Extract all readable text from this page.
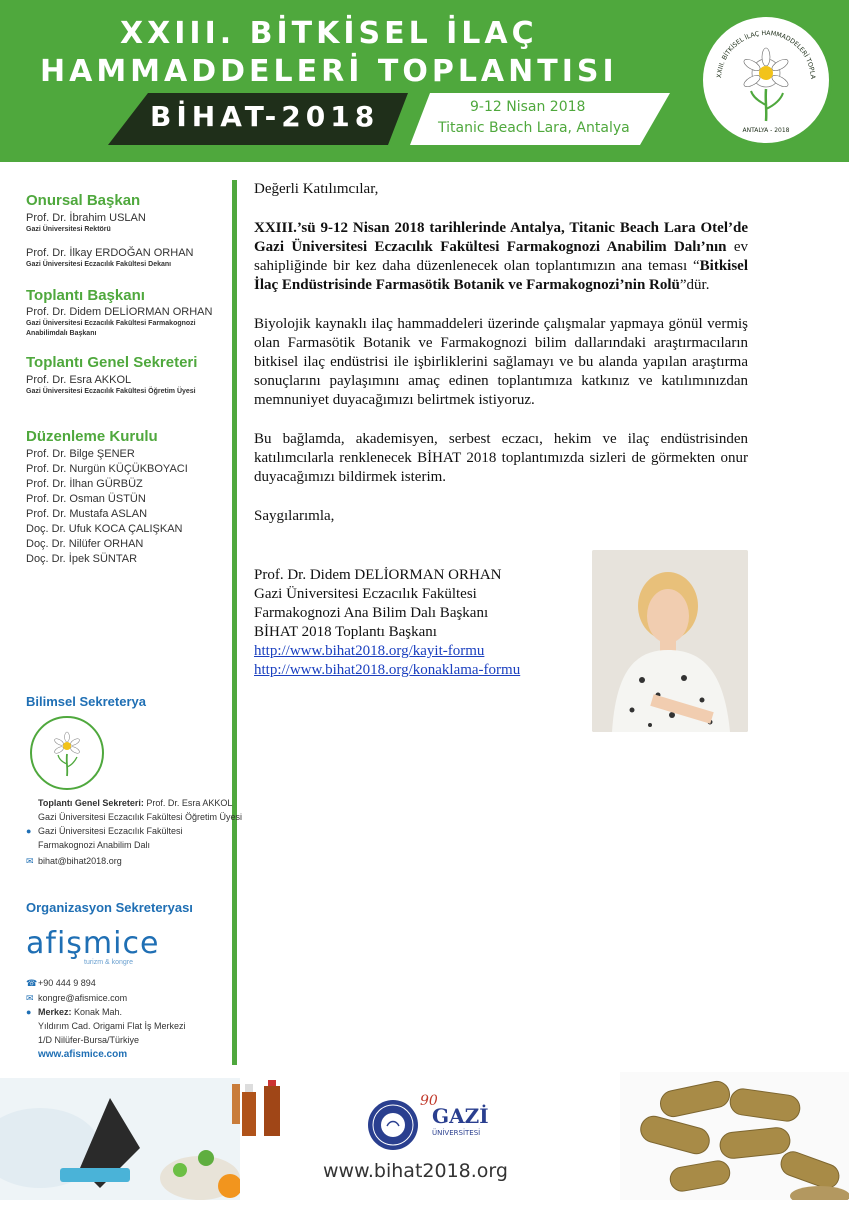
XXIII. BİTKİSEL İLAÇ
HAMMADDELERİ TOPLANTISI
BİHAT-2018	9-12 Nisan 2018
Titanic Beach Lara, Antalya
XXIII. BİTKİSEL İLAÇ HAMMADDELERİ TOPLA
ANTALYA - 2018
Onursal Başkan
Prof. Dr. İbrahim USLAN
Gazi Üniversitesi Rektörü
Prof. Dr. İlkay ERDOĞAN ORHAN
Gazi Üniversitesi Eczacılık Fakültesi Dekanı
Toplantı Başkanı
Prof. Dr. Didem DELİORMAN ORHAN
Gazi Üniversitesi Eczacılık Fakültesi Farmakognozi
Anabilimdalı Başkanı
Toplantı Genel Sekreteri
Prof. Dr. Esra AKKOL
Gazi Üniversitesi Eczacılık Fakültesi Öğretim Üyesi
Düzenleme Kurulu
Prof. Dr. Bilge ŞENER
Prof. Dr. Nurgün KÜÇÜKBOYACI
Prof. Dr. İlhan GÜRBÜZ
Prof. Dr. Osman ÜSTÜN
Prof. Dr. Mustafa ASLAN
Doç. Dr. Ufuk KOCA ÇALIŞKAN
Doç. Dr. Nilüfer ORHAN
Doç. Dr. İpek SÜNTAR
Bilimsel Sekreterya
Toplantı Genel Sekreteri: Prof. Dr. Esra AKKOL
Gazi Üniversitesi Eczacılık Fakültesi Öğretim Üyesi
● Gazi Üniversitesi Eczacılık Fakültesi
Farmakognozi Anabilim Dalı
✉ bihat@bihat2018.org
Organizasyon Sekreteryası
afişmice
turizm & kongre
☎ +90 444 9 894
✉ kongre@afismice.com
● Merkez: Konak Mah.
Yıldırım Cad. Origami Flat İş Merkezi
1/D Nilüfer-Bursa/Türkiye
www.afismice.com

Değerli Katılımcılar,

XXIII.’sü 9-12 Nisan 2018 tarihlerinde Antalya, Titanic Beach Lara Otel’de Gazi Üniversitesi Eczacılık Fakültesi Farmakognozi Anabilim Dalı’nın ev sahipliğinde bir kez daha düzenlenecek olan toplantımızın ana teması “Bitkisel İlaç Endüstrisinde Farmasötik Botanik ve Farmakognozi’nin Rolü”dür.

Biyolojik kaynaklı ilaç hammaddeleri üzerinde çalışmalar yapmaya gönül vermiş olan Farmasötik Botanik ve Farmakognozi bilim dallarındaki araştırmacıların bitkisel ilaç endüstrisi ile işbirliklerini sağlamayı ve bu alanda yapılan araştırma sonuçlarını paylaşımını amaç edinen toplantımıza katkınız ve katılımınızdan memnuniyet duyacağımızı belirtmek istiyoruz.

Bu bağlamda, akademisyen, serbest eczacı, hekim ve ilaç endüstrisinden katılımcılarla renklenecek BİHAT 2018 toplantımızda sizleri de görmekten onur duyacağımızı bildirmek isterim.

Saygılarımla,

Prof. Dr. Didem DELİORMAN ORHAN
Gazi Üniversitesi Eczacılık Fakültesi
Farmakognozi Ana Bilim Dalı Başkanı
BİHAT 2018 Toplantı Başkanı
http://www.bihat2018.org/kayit-formu
http://www.bihat2018.org/konaklama-formu
90
GAZİ
ÜNİVERSİTESİ
www.bihat2018.org
